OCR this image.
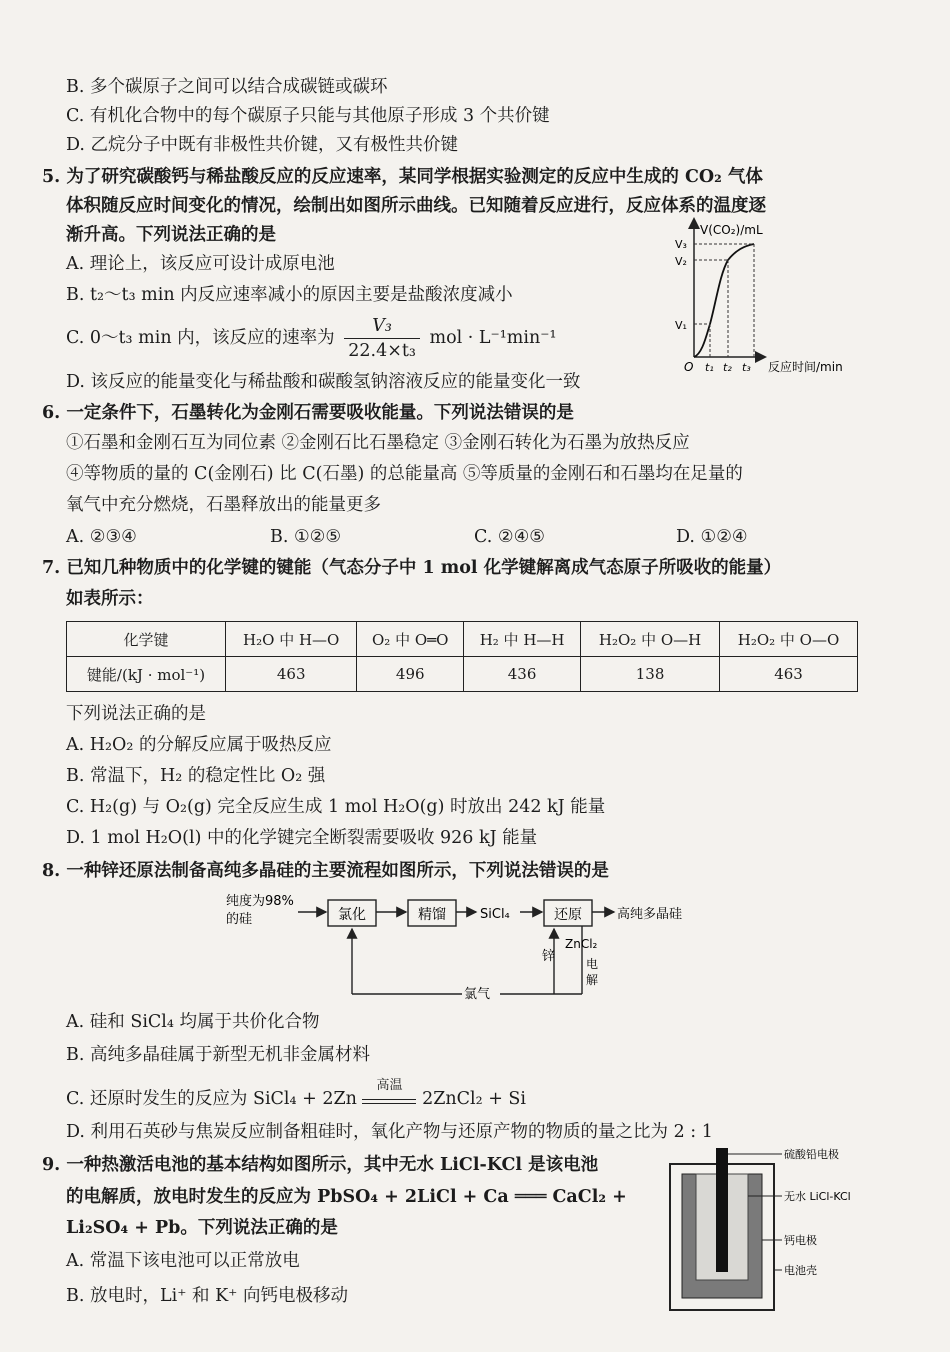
B. 多个碳原子之间可以结合成碳链或碳环
C. 有机化合物中的每个碳原子只能与其他原子形成 3 个共价键
D. 乙烷分子中既有非极性共价键，又有极性共价键
5. 为了研究碳酸钙与稀盐酸反应的反应速率，某同学根据实验测定的反应中生成的 CO₂ 气体
体积随反应时间变化的情况，绘制出如图所示曲线。已知随着反应进行，反应体系的温度逐
渐升高。下列说法正确的是
A. 理论上，该反应可设计成原电池
B. t₂～t₃ min 内反应速率减小的原因主要是盐酸浓度减小
C. 0～t₃ min 内，该反应的速率为 $\frac{\text{V₃}}{\text{22.4×t₃}}$ mol · L⁻¹min⁻¹
D. 该反应的能量变化与稀盐酸和碳酸氢钠溶液反应的能量变化一致
V(CO₂)/mL
V₃
V₂
V₁
O t₁ t₂ t₃ 反应时间/min
6. 一定条件下，石墨转化为金刚石需要吸收能量。下列说法错误的是
①石墨和金刚石互为同位素 ②金刚石比石墨稳定 ③金刚石转化为石墨为放热反应
④等物质的量的 C(金刚石) 比 C(石墨) 的总能量高 ⑤等质量的金刚石和石墨均在足量的
氧气中充分燃烧，石墨释放出的能量更多
A. ②③④	B. ①②⑤	C. ②④⑤	D. ①②④
7. 已知几种物质中的化学键的键能（气态分子中 1 mol 化学键解离成气态原子所吸收的能量）
如表所示：
化学键	H₂O 中 H—O	O₂ 中 O═O	H₂ 中 H—H	H₂O₂ 中 O—H	H₂O₂ 中 O—O
键能/(kJ · mol⁻¹)	463	496	436	138	463
下列说法正确的是
A. H₂O₂ 的分解反应属于吸热反应
B. 常温下，H₂ 的稳定性比 O₂ 强
C. H₂(g) 与 O₂(g) 完全反应生成 1 mol H₂O(g) 时放出 242 kJ 能量
D. 1 mol H₂O(l) 中的化学键完全断裂需要吸收 926 kJ 能量
8. 一种锌还原法制备高纯多晶硅的主要流程如图所示，下列说法错误的是
纯度为98%
的硅	氯化	精馏	SiCl₄	还原	高纯多晶硅
锌
ZnCl₂
电
解
氯气
A. 硅和 SiCl₄ 均属于共价化合物
B. 高纯多晶硅属于新型无机非金属材料
C. 还原时发生的反应为 SiCl₄ + 2Zn
高温
2ZnCl₂ + Si
D. 利用石英砂与焦炭反应制备粗硅时，氧化产物与还原产物的物质的量之比为 2 : 1
9. 一种热激活电池的基本结构如图所示，其中无水 LiCl-KCl 是该电池
的电解质，放电时发生的反应为 PbSO₄ + 2LiCl + Ca ═══ CaCl₂ +
Li₂SO₄ + Pb。下列说法正确的是
A. 常温下该电池可以正常放电
B. 放电时，Li⁺ 和 K⁺ 向钙电极移动
硫酸铅电极
无水 LiCl-KCl
钙电极
电池壳
